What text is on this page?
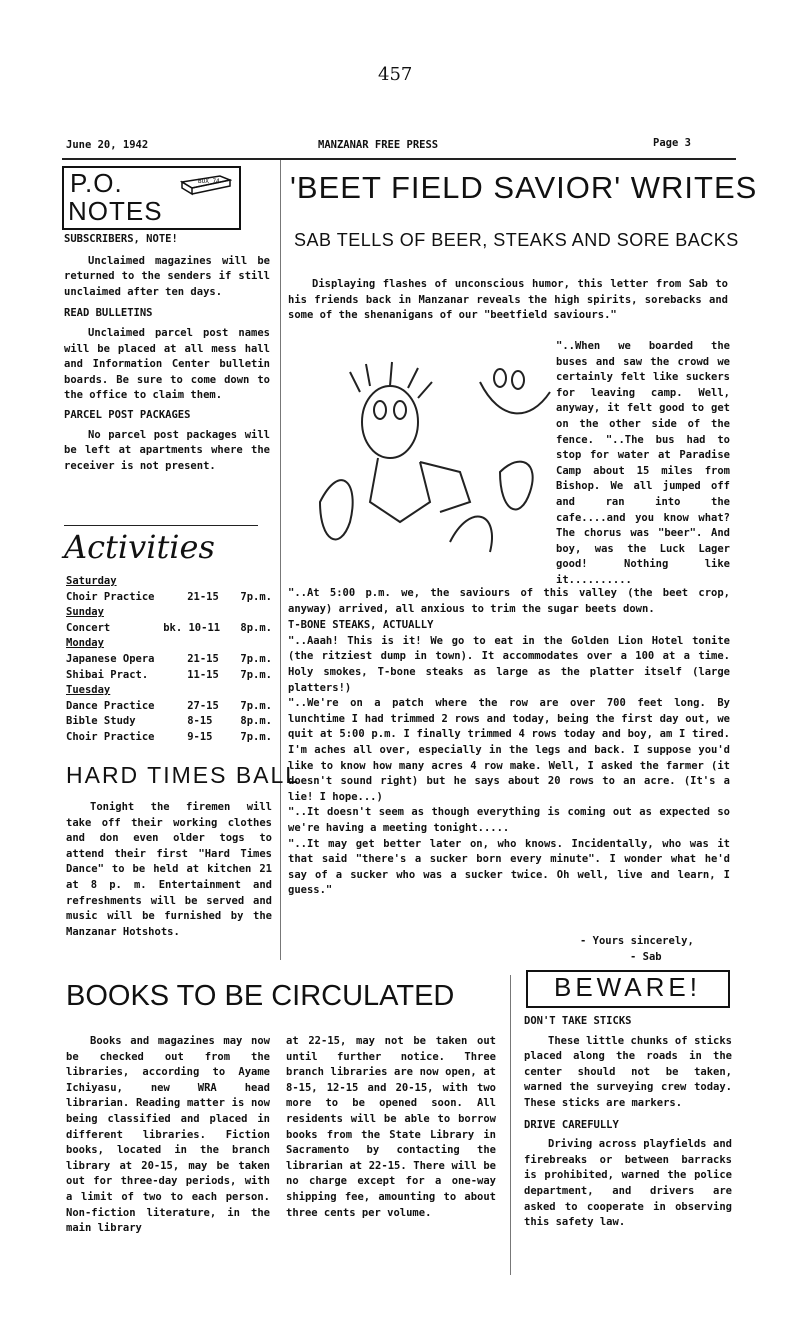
457
June 20, 1942	MANZANAR FREE PRESS	Page 3
P.O.
NOTES
BOX 74
SUBSCRIBERS, NOTE!

Unclaimed magazines will be returned to the senders if still unclaimed after ten days.

READ BULLETINS

Unclaimed parcel post names will be placed at all mess hall and Information Center bulletin boards. Be sure to come down to the office to claim them.

PARCEL POST PACKAGES

No parcel post packages will be left at apartments where the receiver is not present.

Activities
Saturday
Choir Practice	21-15	7p.m.
Sunday
Concert	bk. 10-11	8p.m.
Monday
Japanese Opera	21-15	7p.m.
Shibai Pract.	11-15	7p.m.
Tuesday
Dance Practice	27-15	7p.m.
Bible Study	8-15	8p.m.
Choir Practice	9-15	7p.m.
HARD TIMES BALL

Tonight the firemen will take off their working clothes and don even older togs to attend their first "Hard Times Dance" to be held at kitchen 21 at 8 p. m. Entertainment and refreshments will be served and music will be furnished by the Manzanar Hotshots.

'BEET FIELD SAVIOR' WRITES
SAB TELLS OF BEER, STEAKS AND SORE BACKS

Displaying flashes of unconscious humor, this letter from Sab to his friends back in Manzanar reveals the high spirits, sorebacks and some of the shenanigans of our "beetfield saviours."

"..When we boarded the buses and saw the crowd we certainly felt like suckers for leaving camp. Well, anyway, it felt good to get on the other side of the fence. "..The bus had to stop for water at Paradise Camp about 15 miles from Bishop. We all jumped off and ran into the cafe....and you know what? The chorus was "beer". And boy, was the Luck Lager good! Nothing like it..........

"..At 5:00 p.m. we, the saviours of this valley (the beet crop, anyway) arrived, all anxious to trim the sugar beets down.

T-BONE STEAKS, ACTUALLY

"..Aaah! This is it! We go to eat in the Golden Lion Hotel tonite (the ritziest dump in town). It accommodates over a 100 at a time. Holy smokes, T-bone steaks as large as the platter itself (large platters!)

"..We're on a patch where the row are over 700 feet long. By lunchtime I had trimmed 2 rows and today, being the first day out, we quit at 5:00 p.m. I finally trimmed 4 rows today and boy, am I tired. I'm aches all over, especially in the legs and back. I suppose you'd like to know how many acres 4 row make. Well, I asked the farmer (it doesn't sound right) but he says about 20 rows to an acre. (It's a lie! I hope...)

"..It doesn't seem as though everything is coming out as expected so we're having a meeting tonight.....

"..It may get better later on, who knows. Incidentally, who was it that said "there's a sucker born every minute". I wonder what he'd say of a sucker who was a sucker twice. Oh well, live and learn, I guess."

- Yours sincerely,
- Sab
BOOKS TO BE CIRCULATED

Books and magazines may now be checked out from the libraries, according to Ayame Ichiyasu, new WRA head librarian. Reading matter is now being classified and placed in different libraries. Fiction books, located in the branch library at 20-15, may be taken out for three-day periods, with a limit of two to each person. Non-fiction literature, in the main library

at 22-15, may not be taken out until further notice. Three branch libraries are now open, at 8-15, 12-15 and 20-15, with two more to be opened soon. All residents will be able to borrow books from the State Library in Sacramento by contacting the librarian at 22-15. There will be no charge except for a one-way shipping fee, amounting to about three cents per volume.

BEWARE!
DON'T TAKE STICKS

These little chunks of sticks placed along the roads in the center should not be taken, warned the surveying crew today. These sticks are markers.

DRIVE CAREFULLY

Driving across playfields and firebreaks or between barracks is prohibited, warned the police department, and drivers are asked to cooperate in observing this safety law.
